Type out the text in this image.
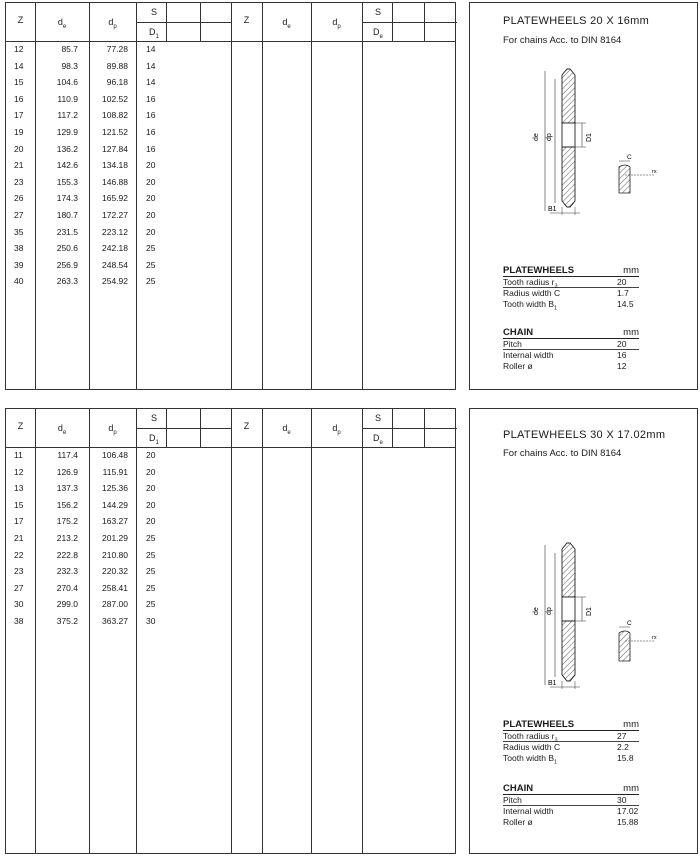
Z	$d_e$	$d_p$
S
$D_1$
Z	$d_e$	$d_p$
S
$D_e$
12	85.7	77.28 14
14	98.3	89.88 14
15	104.6	96.18 14
16	110.9	102.52 16
17	117.2	108.82 16
19	129.9	121.52 16
20	136.2	127.84 16
21	142.6	134.18 20
23	155.3	146.88 20
26	174.3	165.92 20
27	180.7	172.27 20
35	231.5	223.12 20
38	250.6	242.18 25
39	256.9	248.54 25
40	263.3	254.92 25
Z	$d_e$	$d_p$
S
$D_1$
Z	$d_e$	$d_p$
S
$D_e$
11	117.4	106.48 20
12	126.9	115.91 20
13	137.3	125.36 20
15	156.2	144.29 20
17	175.2	163.27 20
21	213.2	201.29 25
22	222.8	210.80 25
23	232.3	220.32 25
27	270.4	258.41 25
30	299.0	287.00 25
38	375.2	363.27 30
PLATEWHEELS 20 X 16mm
For chains Acc. to DIN 8164
de dp	D1
B1
C
rx
PLATEWHEELS	mm
Tooth radius $r_3$	20
Radius width C	1.7
Tooth width $B_1$	14.5
CHAIN	mm
Pitch	20
Internal width	16
Roller ø	12
PLATEWHEELS 30 X 17.02mm
For chains Acc. to DIN 8164
de dp	D1
B1
C
rx
PLATEWHEELS	mm
Tooth radius $r_3$	27
Radius width C	2.2
Tooth width $B_1$	15.8
CHAIN	mm
Pitch	30
Internal width	17.02
Roller ø	15.88
